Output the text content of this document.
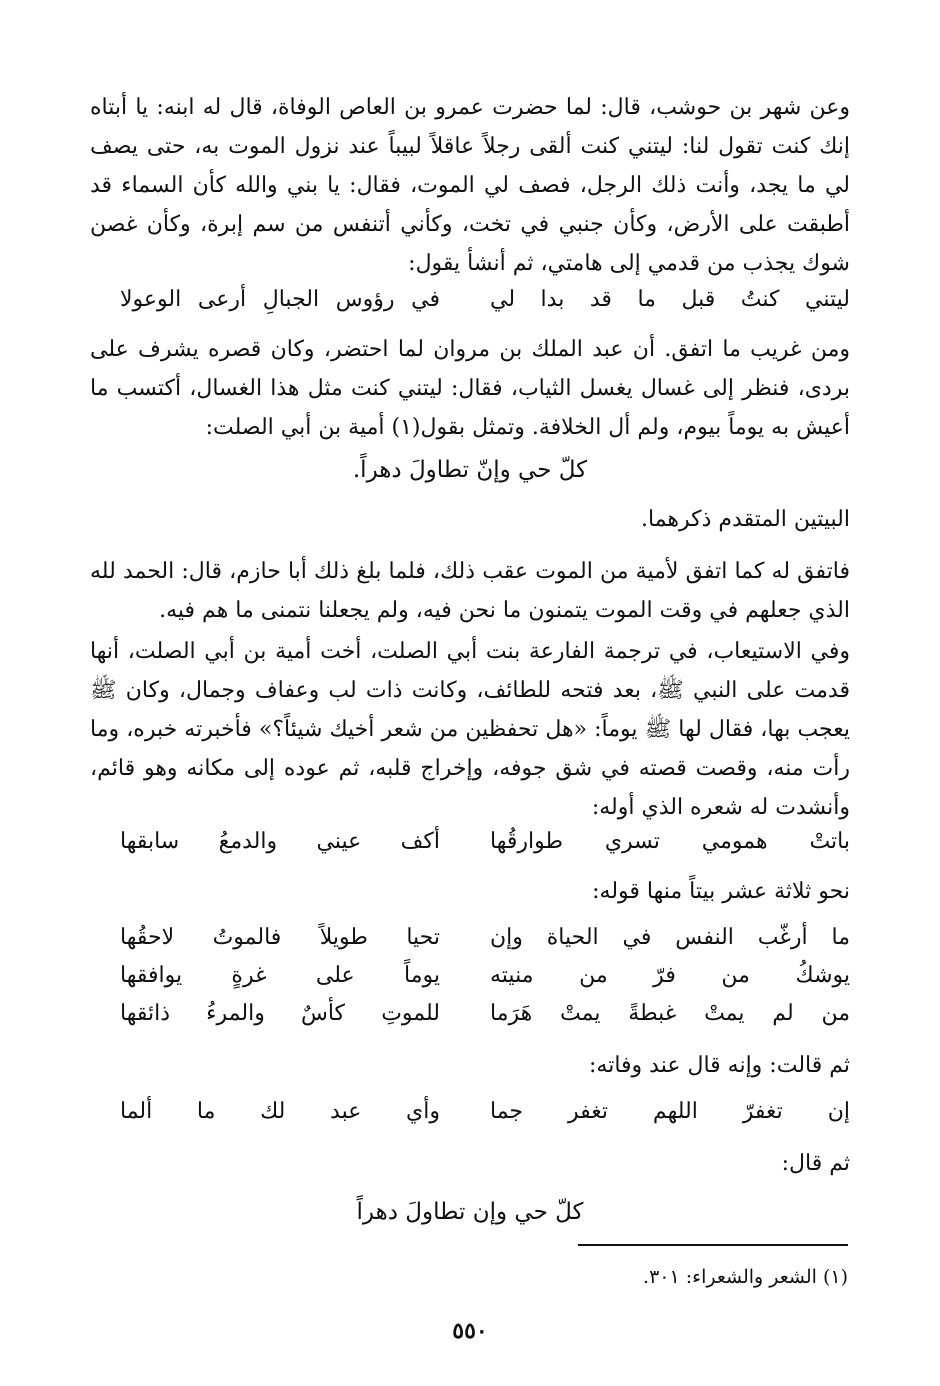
وعن شهر بن حوشب، قال: لما حضرت عمرو بن العاص الوفاة، قال له ابنه: يا أبتاه إنك كنت تقول لنا: ليتني كنت ألقى رجلاً عاقلاً لبيباً عند نزول الموت به، حتى يصف لي ما يجد، وأنت ذلك الرجل، فصف لي الموت، فقال: يا بني والله كأن السماء قد أطبقت على الأرض، وكأن جنبي في تخت، وكأني أتنفس من سم إبرة، وكأن غصن شوك يجذب من قدمي إلى هامتي، ثم أنشأ يقول:

ليتني كنتُ قبل ما قد بدا لي
في رؤوس الجبالِ أرعى الوعولا

ومن غريب ما اتفق. أن عبد الملك بن مروان لما احتضر، وكان قصره يشرف على بردى، فنظر إلى غسال يغسل الثياب، فقال: ليتني كنت مثل هذا الغسال، أكتسب ما أعيش به يوماً بيوم، ولم أل الخلافة. وتمثل بقول(١) أمية بن أبي الصلت:

كلّ حي وإنّ تطاولَ دهراً.
البيتين المتقدم ذكرهما.

فاتفق له كما اتفق لأمية من الموت عقب ذلك، فلما بلغ ذلك أبا حازم، قال: الحمد لله الذي جعلهم في وقت الموت يتمنون ما نحن فيه، ولم يجعلنا نتمنى ما هم فيه.

وفي الاستيعاب، في ترجمة الفارعة بنت أبي الصلت، أخت أمية بن أبي الصلت، أنها قدمت على النبي ﷺ، بعد فتحه للطائف، وكانت ذات لب وعفاف وجمال، وكان ﷺ يعجب بها، فقال لها ﷺ يوماً: «هل تحفظين من شعر أخيك شيئاً؟» فأخبرته خبره، وما رأت منه، وقصت قصته في شق جوفه، وإخراج قلبه، ثم عوده إلى مكانه وهو قائم، وأنشدت له شعره الذي أوله:

باتتْ همومي تسري طوارقُها
أكف عيني والدمعُ سابقها
نحو ثلاثة عشر بيتاً منها قوله:
ما أرغّب النفس في الحياة وإن
تحيا طويلاً فالموتُ لاحقُها
يوشكُ من فرّ من منيته
يوماً على غرةٍ يوافقها
من لم يمتْ غبطةً يمتْ هَرَما
للموتِ كأسٌ والمرءُ ذائقها
ثم قالت: وإنه قال عند وفاته:
إن تغفرّ اللهم تغفر جما
وأي عبد لك ما ألما
ثم قال:
كلّ حي وإن تطاولَ دهراً
(١) الشعر والشعراء: ٣٠١.
٥٥٠
